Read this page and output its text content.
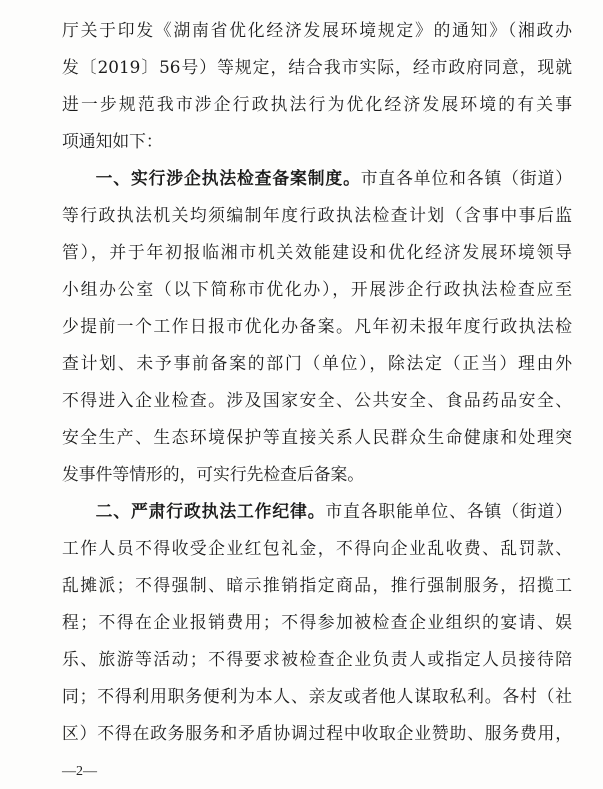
厅关于印发《湖南省优化经济发展环境规定》的通知》（湘政办
发〔2019〕56号）等规定，结合我市实际，经市政府同意，现就
进一步规范我市涉企行政执法行为优化经济发展环境的有关事
项通知如下：
一、实行涉企执法检查备案制度。市直各单位和各镇（街道）
等行政执法机关均须编制年度行政执法检查计划（含事中事后监
管），并于年初报临湘市机关效能建设和优化经济发展环境领导
小组办公室（以下简称市优化办），开展涉企行政执法检查应至
少提前一个工作日报市优化办备案。凡年初未报年度行政执法检
查计划、未予事前备案的部门（单位），除法定（正当）理由外
不得进入企业检查。涉及国家安全、公共安全、食品药品安全、
安全生产、生态环境保护等直接关系人民群众生命健康和处理突
发事件等情形的，可实行先检查后备案。
二、严肃行政执法工作纪律。市直各职能单位、各镇（街道）
工作人员不得收受企业红包礼金，不得向企业乱收费、乱罚款、
乱摊派；不得强制、暗示推销指定商品，推行强制服务，招揽工
程；不得在企业报销费用；不得参加被检查企业组织的宴请、娱
乐、旅游等活动；不得要求被检查企业负责人或指定人员接待陪
同；不得利用职务便利为本人、亲友或者他人谋取私利。各村（社
区）不得在政务服务和矛盾协调过程中收取企业赞助、服务费用，
—2—
